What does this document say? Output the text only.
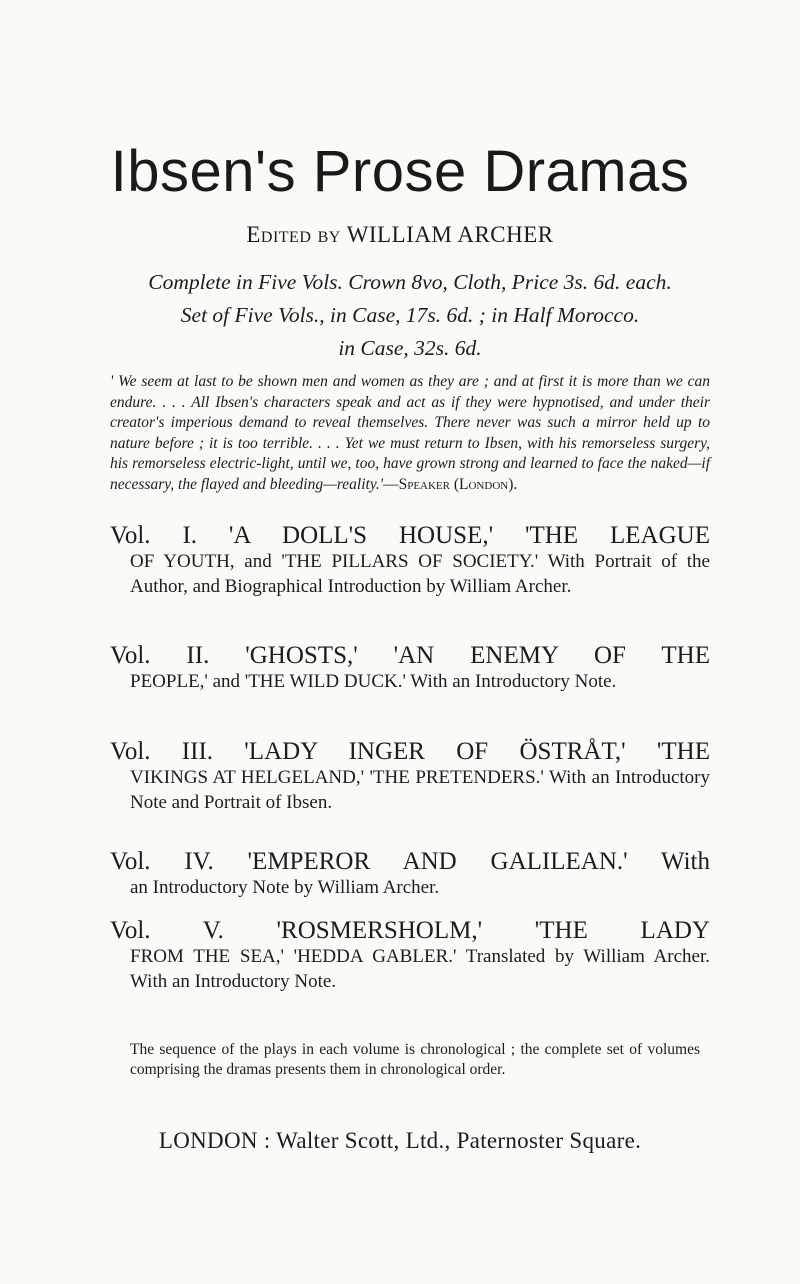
Ibsen's Prose Dramas
Edited by WILLIAM ARCHER
Complete in Five Vols. Crown 8vo, Cloth, Price 3s. 6d. each.
Set of Five Vols., in Case, 17s. 6d. ; in Half Morocco.
in Case, 32s. 6d.
' We seem at last to be shown men and women as they are ; and at first it is more than we can endure. . . . All Ibsen's characters speak and act as if they were hypnotised, and under their creator's imperious demand to reveal themselves. There never was such a mirror held up to nature before ; it is too terrible. . . . Yet we must return to Ibsen, with his remorseless surgery, his remorseless electric-light, until we, too, have grown strong and learned to face the naked—if necessary, the flayed and bleeding—reality.'—Speaker (London).
Vol. I. 'A DOLL'S HOUSE,' 'THE LEAGUE
OF YOUTH, and 'THE PILLARS OF SOCIETY.' With Portrait of the Author, and Biographical Introduction by William Archer.
Vol. II. 'GHOSTS,' 'AN ENEMY OF THE
PEOPLE,' and 'THE WILD DUCK.' With an Introductory Note.
Vol. III. 'LADY INGER OF ÖSTRÅT,' 'THE
VIKINGS AT HELGELAND,' 'THE PRETENDERS.' With an Introductory Note and Portrait of Ibsen.
Vol. IV. 'EMPEROR AND GALILEAN.' With
an Introductory Note by William Archer.
Vol. V. 'ROSMERSHOLM,' 'THE LADY
FROM THE SEA,' 'HEDDA GABLER.' Translated by William Archer. With an Introductory Note.
The sequence of the plays in each volume is chronological ; the complete set of volumes comprising the dramas presents them in chronological order.
LONDON : Walter Scott, Ltd., Paternoster Square.
